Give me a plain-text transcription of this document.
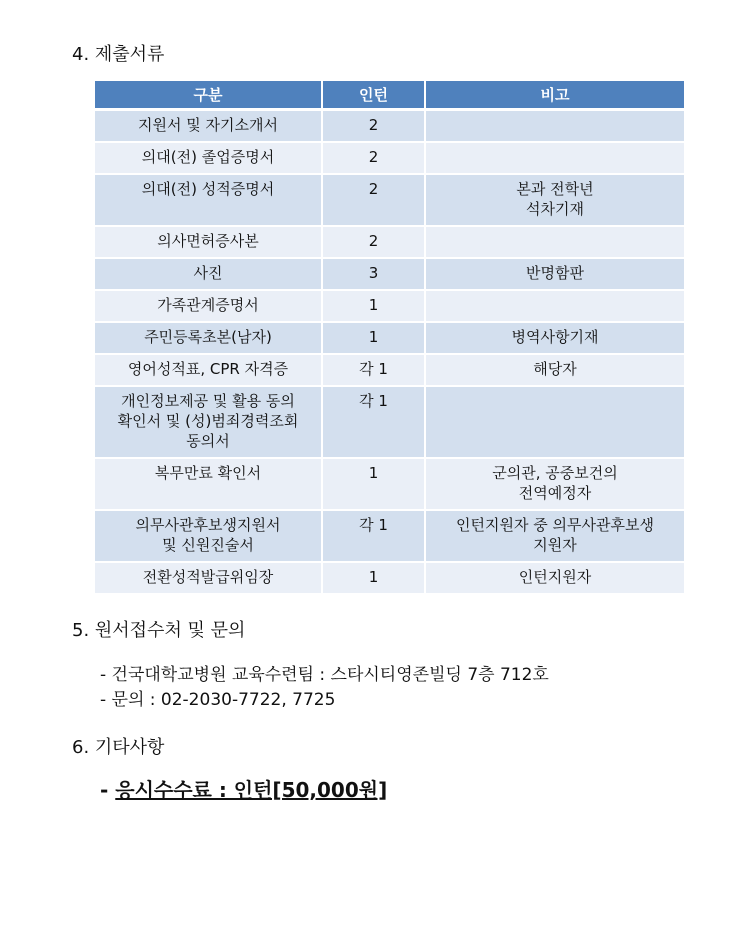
4. 제출서류
구분	인턴	비고

지원서 및 자기소개서	2	

의대(전) 졸업증명서	2	

의대(전) 성적증명서	2	본과 전학년
석차기재

의사면허증사본	2	

사진	3	반명함판

가족관계증명서	1	

주민등록초본(남자)	1	병역사항기재

영어성적표, CPR 자격증	각 1	해당자

개인정보제공 및 활용 동의
확인서 및 (성)범죄경력조회
동의서	각 1	

복무만료 확인서	1	군의관, 공중보건의
전역예정자

의무사관후보생지원서
및 신원진술서	각 1	인턴지원자 중 의무사관후보생
지원자

전환성적발급위임장	1	인턴지원자
5. 원서접수처 및 문의
- 건국대학교병원 교육수련팀 : 스타시티영존빌딩 7층 712호
- 문의 : 02-2030-7722, 7725
6. 기타사항
- 응시수수료 : 인턴[50,000원]
